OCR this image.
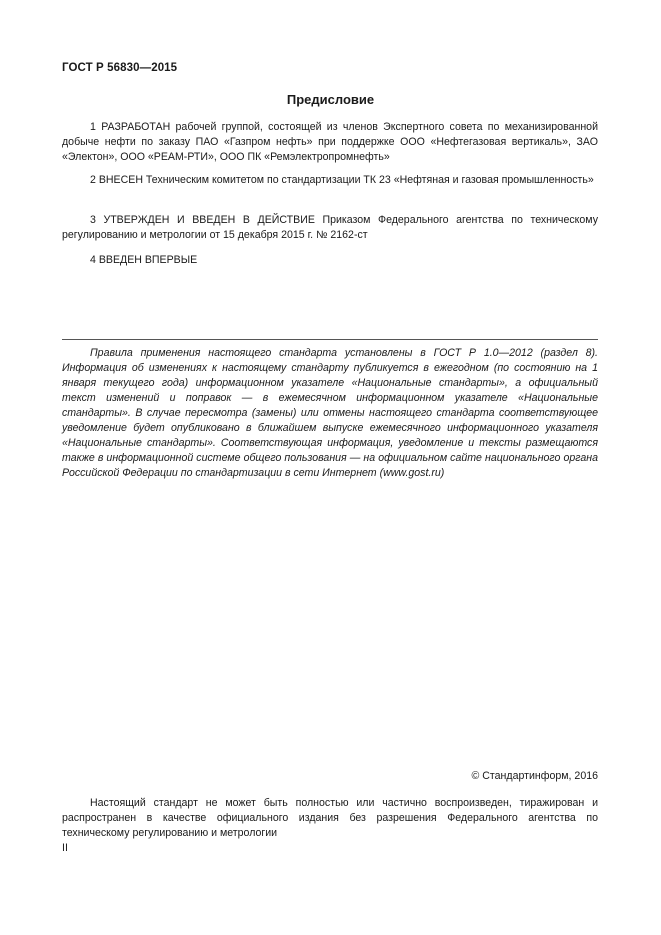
ГОСТ Р 56830—2015
Предисловие

1 РАЗРАБОТАН рабочей группой, состоящей из членов Экспертного совета по механизированной добыче нефти по заказу ПАО «Газпром нефть» при поддержке ООО «Нефтегазовая вертикаль», ЗАО «Электон», ООО «РЕАМ-РТИ», ООО ПК «Ремэлектропромнефть»

2 ВНЕСЕН Техническим комитетом по стандартизации ТК 23 «Нефтяная и газовая промышленность»

3 УТВЕРЖДЕН И ВВЕДЕН В ДЕЙСТВИЕ Приказом Федерального агентства по техническому регулированию и метрологии от 15 декабря 2015 г. № 2162-ст

4 ВВЕДЕН ВПЕРВЫЕ

Правила применения настоящего стандарта установлены в ГОСТ Р 1.0—2012 (раздел 8). Информация об изменениях к настоящему стандарту публикуется в ежегодном (по состоянию на 1 января текущего года) информационном указателе «Национальные стандарты», а официальный текст изменений и поправок — в ежемесячном информационном указателе «Национальные стандарты». В случае пересмотра (замены) или отмены настоящего стандарта соответствующее уведомление будет опубликовано в ближайшем выпуске ежемесячного информационного указателя «Национальные стандарты». Соответствующая информация, уведомление и тексты размещаются также в информационной системе общего пользования — на официальном сайте национального органа Российской Федерации по стандартизации в сети Интернет (www.gost.ru)

© Стандартинформ, 2016

Настоящий стандарт не может быть полностью или частично воспроизведен, тиражирован и распространен в качестве официального издания без разрешения Федерального агентства по техническому регулированию и метрологии

II
